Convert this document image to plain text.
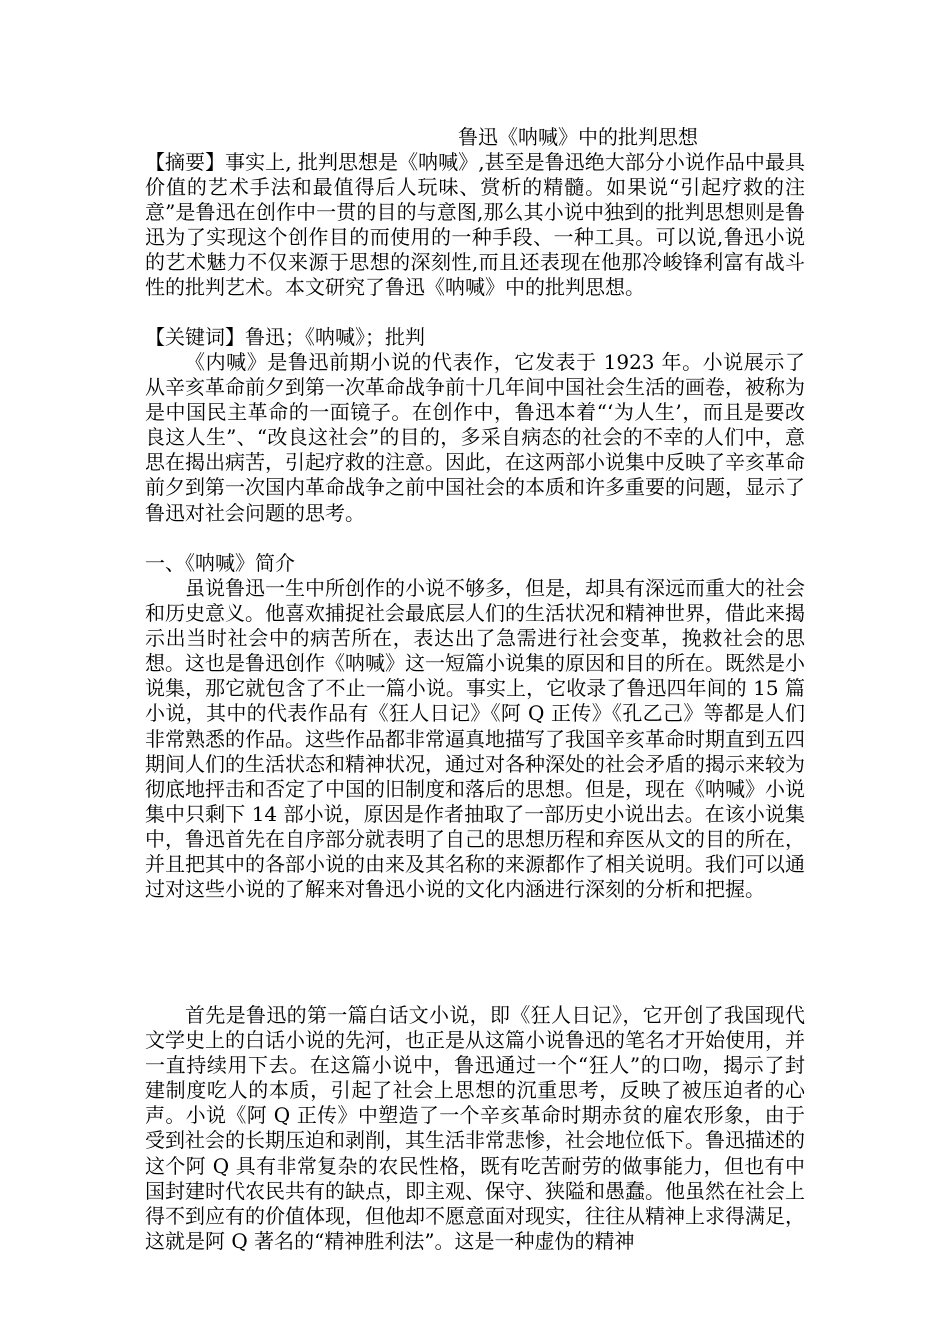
鲁迅《呐喊》中的批判思想
【摘要】事实上, 批判思想是《呐喊》,甚至是鲁迅绝大部分小说作品中最具价值的艺术手法和最值得后人玩味、赏析的精髓。如果说“引起疗救的注意”是鲁迅在创作中一贯的目的与意图,那么其小说中独到的批判思想则是鲁迅为了实现这个创作目的而使用的一种手段、一种工具。可以说,鲁迅小说的艺术魅力不仅来源于思想的深刻性,而且还表现在他那冷峻锋利富有战斗性的批判艺术。本文研究了鲁迅《呐喊》中的批判思想。
【关键词】鲁迅；《呐喊》；批判
《内喊》是鲁迅前期小说的代表作，它发表于 1923 年。小说展示了从辛亥革命前夕到第一次革命战争前十几年间中国社会生活的画卷，被称为是中国民主革命的一面镜子。在创作中，鲁迅本着“‘为人生’，而且是要改良这人生”、“改良这社会”的目的，多采自病态的社会的不幸的人们中，意思在揭出病苦，引起疗救的注意。因此，在这两部小说集中反映了辛亥革命前夕到第一次国内革命战争之前中国社会的本质和许多重要的问题，显示了鲁迅对社会问题的思考。
一、《呐喊》简介
虽说鲁迅一生中所创作的小说不够多，但是，却具有深远而重大的社会和历史意义。他喜欢捕捉社会最底层人们的生活状况和精神世界，借此来揭示出当时社会中的病苦所在，表达出了急需进行社会变革，挽救社会的思想。这也是鲁迅创作《呐喊》这一短篇小说集的原因和目的所在。既然是小说集，那它就包含了不止一篇小说。事实上，它收录了鲁迅四年间的 15 篇小说，其中的代表作品有《狂人日记》《阿 Q 正传》《孔乙己》等都是人们非常熟悉的作品。这些作品都非常逼真地描写了我国辛亥革命时期直到五四期间人们的生活状态和精神状况，通过对各种深处的社会矛盾的揭示来较为彻底地抨击和否定了中国的旧制度和落后的思想。但是，现在《呐喊》小说集中只剩下 14 部小说，原因是作者抽取了一部历史小说出去。在该小说集中，鲁迅首先在自序部分就表明了自己的思想历程和弃医从文的目的所在，并且把其中的各部小说的由来及其名称的来源都作了相关说明。我们可以通过对这些小说的了解来对鲁迅小说的文化内涵进行深刻的分析和把握。
首先是鲁迅的第一篇白话文小说，即《狂人日记》，它开创了我国现代文学史上的白话小说的先河，也正是从这篇小说鲁迅的笔名才开始使用，并一直持续用下去。在这篇小说中，鲁迅通过一个“狂人”的口吻，揭示了封建制度吃人的本质，引起了社会上思想的沉重思考，反映了被压迫者的心声。小说《阿 Q 正传》中塑造了一个辛亥革命时期赤贫的雇农形象，由于受到社会的长期压迫和剥削，其生活非常悲惨，社会地位低下。鲁迅描述的这个阿 Q 具有非常复杂的农民性格，既有吃苦耐劳的做事能力，但也有中国封建时代农民共有的缺点，即主观、保守、狭隘和愚蠢。他虽然在社会上得不到应有的价值体现，但他却不愿意面对现实，往往从精神上求得满足，这就是阿 Q 著名的“精神胜利法”。这是一种虚伪的精神
